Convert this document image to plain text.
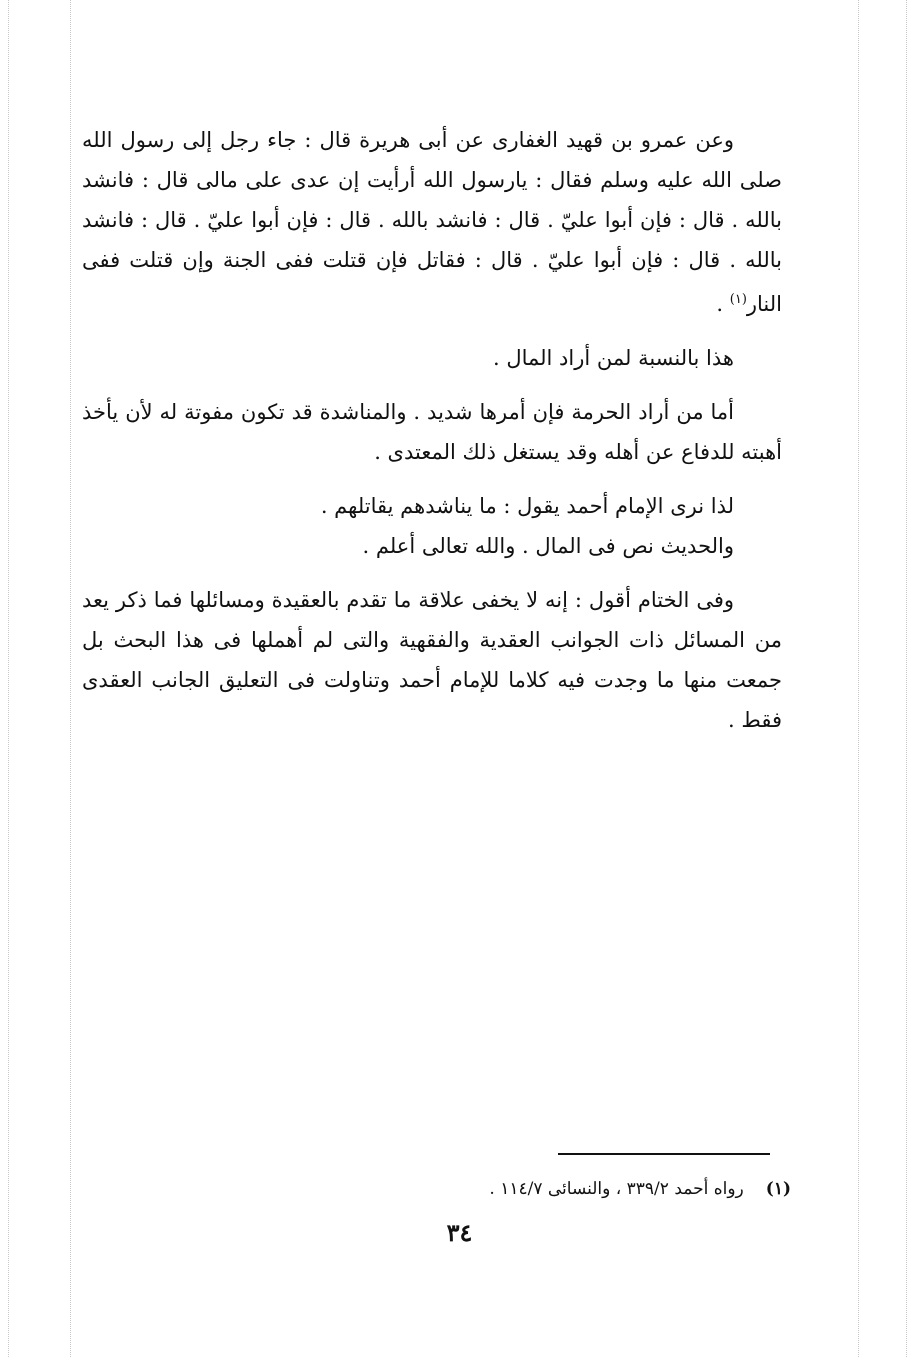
وعن عمرو بن قهيد الغفارى عن أبى هريرة قال : جاء رجل إلى رسول الله صلى الله عليه وسلم فقال : يارسول الله أرأيت إن عدى على مالى قال : فانشد بالله . قال : فإن أبوا عليّ . قال : فانشد بالله . قال : فإن أبوا عليّ . قال : فانشد بالله . قال : فإن أبوا عليّ . قال : فقاتل فإن قتلت ففى الجنة وإن قتلت ففى النار$^{(١)}$ .

هذا بالنسبة لمن أراد المال .

أما من أراد الحرمة فإن أمرها شديد . والمناشدة قد تكون مفوتة له لأن يأخذ أهبته للدفاع عن أهله وقد يستغل ذلك المعتدى .

لذا نرى الإمام أحمد يقول : ما يناشدهم يقاتلهم .

والحديث نص فى المال . والله تعالى أعلم .

وفى الختام أقول : إنه لا يخفى علاقة ما تقدم بالعقيدة ومسائلها فما ذكر يعد من المسائل ذات الجوانب العقدية والفقهية والتى لم أهملها فى هذا البحث بل جمعت منها ما وجدت فيه كلاما للإمام أحمد وتناولت فى التعليق الجانب العقدى فقط .

(١)رواه أحمد ٣٣٩/٢ ، والنسائى ١١٤/٧ .
٣٤
